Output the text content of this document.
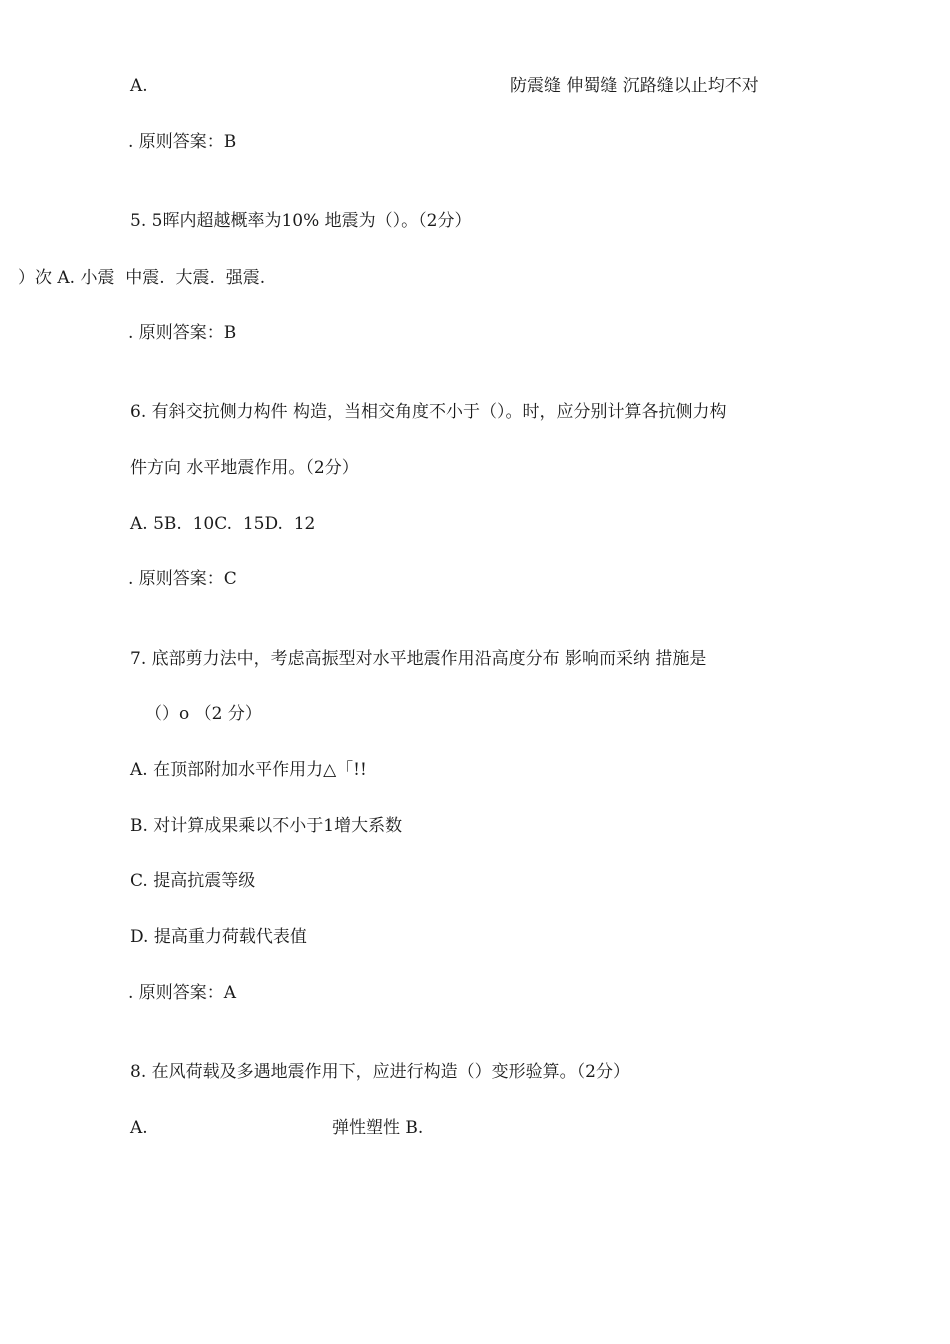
A.	防震缝 伸蜀缝 沉路缝以止均不对
. 原则答案：B
5. 5晖内超越概率为10% 地震为（）。（2分）
）次 A. 小震  中震.  大震.  强震.
. 原则答案：B
6. 有斜交抗侧力构件 构造，当相交角度不小于（）。时，应分别计算各抗侧力构
件方向 水平地震作用。（2分）
A. 5B.  10C.  15D.  12
. 原则答案：C
7. 底部剪力法中，考虑高振型对水平地震作用沿高度分布 影响而采纳 措施是
（）o （2 分）
A. 在顶部附加水平作用力△「!!
B. 对计算成果乘以不小于1增大系数
C. 提高抗震等级
D. 提高重力荷载代表值
. 原则答案：A
8. 在风荷载及多遇地震作用下，应进行构造（）变形验算。（2分）
A.	弹性塑性 B.
